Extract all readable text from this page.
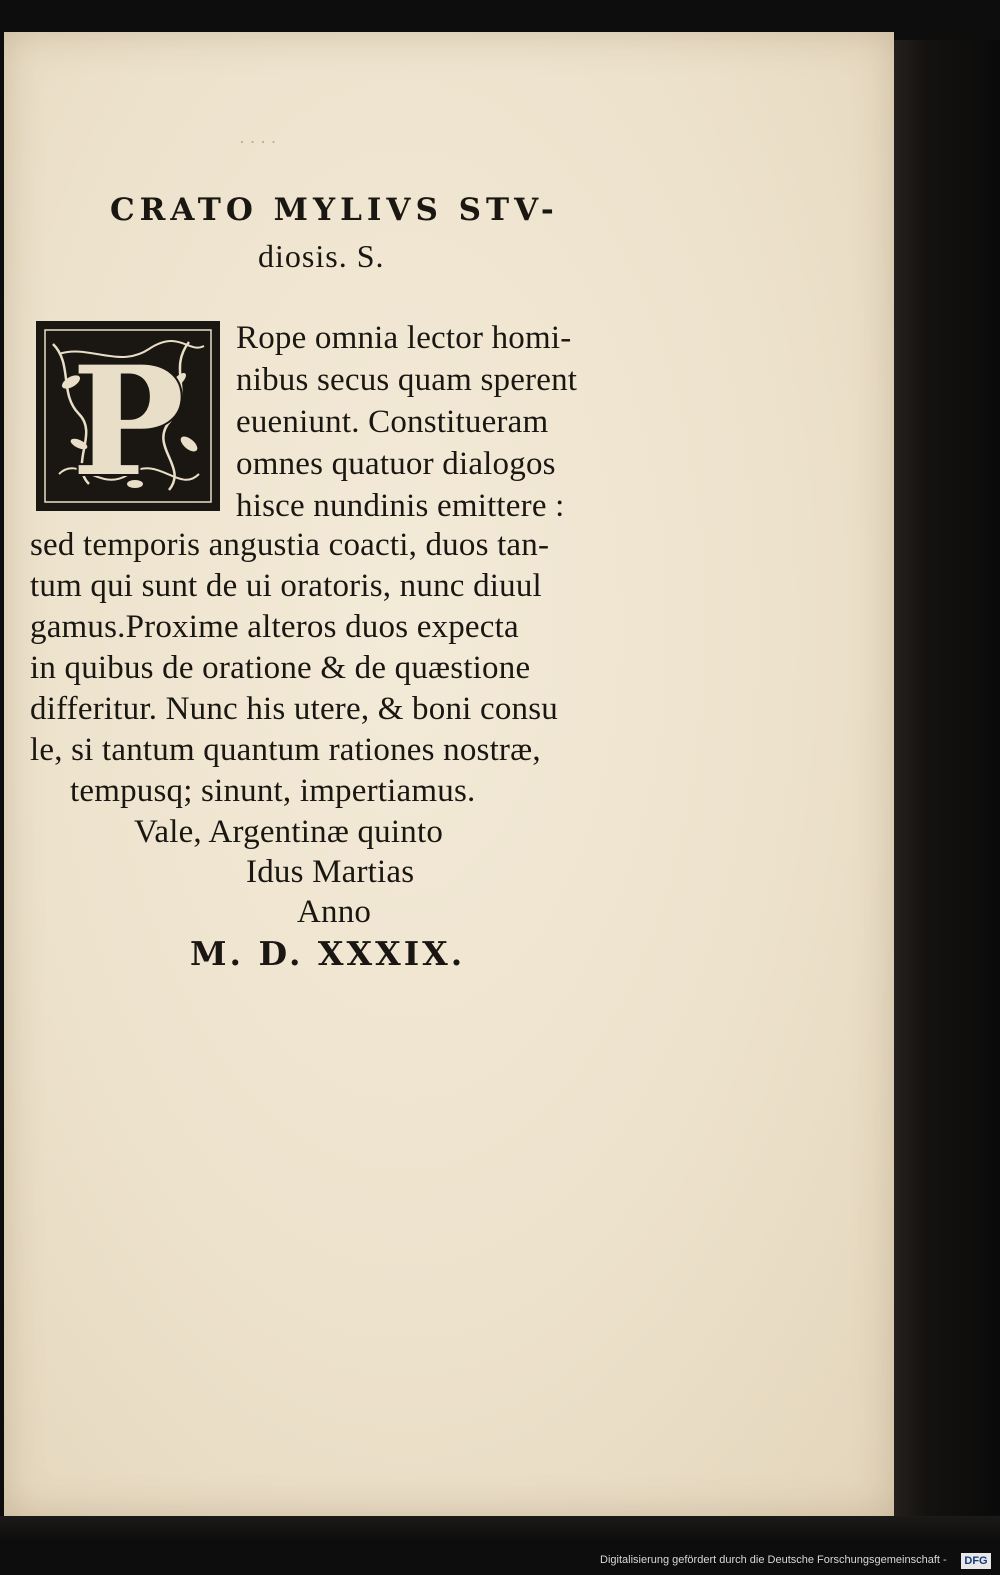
· · · ·
CRATO MYLIVS STV-
diosis. S.
P Rope omnia lector homi-
nibus secus quam sperent
eueniunt. Constitueram
omnes quatuor dialogos
hisce nundinis emittere :
sed temporis angustia coacti, duos tan-
tum qui sunt de ui oratoris, nunc diuul
gamus.Proxime alteros duos expecta
in quibus de oratione & de quæstione
differitur. Nunc his utere, & boni consu
le, si tantum quantum rationes nostræ,
tempusq; sinunt, impertiamus.
Vale, Argentinæ quinto
Idus Martias
Anno
M. D. XXXIX.
Digitalisierung gefördert durch die Deutsche Forschungsgemeinschaft -	DFG
